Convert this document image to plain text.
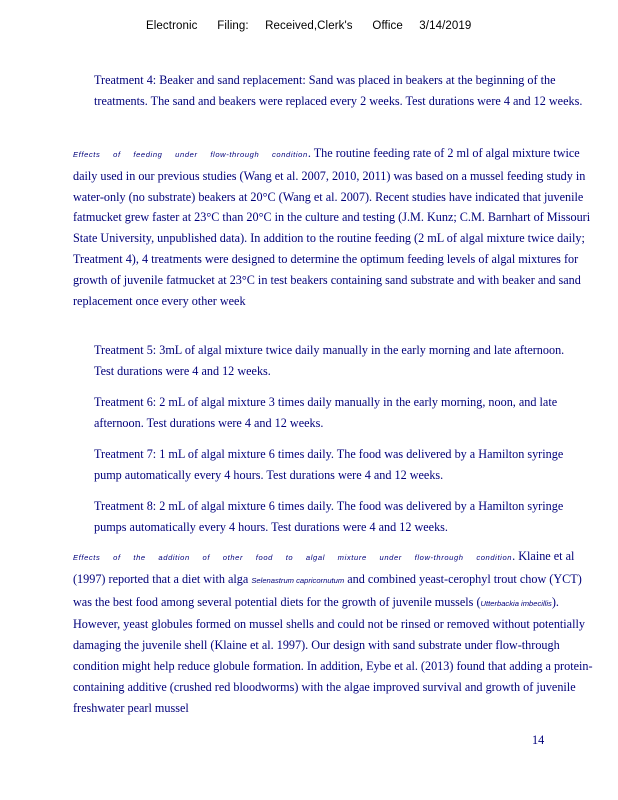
Electronic      Filing:     Received,Clerk's      Office     3/14/2019

Treatment 4: Beaker and sand replacement: Sand was placed in beakers at the beginning of the treatments. The sand and beakers were replaced every 2 weeks. Test durations were 4 and 12 weeks.

Effects of feeding under flow-through condition. The routine feeding rate of 2 ml of algal mixture twice daily used in our previous studies (Wang et al. 2007, 2010, 2011) was based on a mussel feeding study in water-only (no substrate) beakers at 20°C (Wang et al. 2007). Recent studies have indicated that juvenile fatmucket grew faster at 23°C than 20°C in the culture and testing (J.M. Kunz; C.M. Barnhart of Missouri State University, unpublished data). In addition to the routine feeding (2 mL of algal mixture twice daily; Treatment 4), 4 treatments were designed to determine the optimum feeding levels of algal mixtures for growth of juvenile fatmucket at 23°C in test beakers containing sand substrate and with beaker and sand replacement once every other week

Treatment 5: 3mL of algal mixture twice daily manually in the early morning and late afternoon. Test durations were 4 and 12 weeks.

Treatment 6: 2 mL of algal mixture 3 times daily manually in the early morning, noon, and late afternoon. Test durations were 4 and 12 weeks.

Treatment 7: 1 mL of algal mixture 6 times daily. The food was delivered by a Hamilton syringe pump automatically every 4 hours. Test durations were 4 and 12 weeks.

Treatment 8: 2 mL of algal mixture 6 times daily. The food was delivered by a Hamilton syringe pumps automatically every 4 hours. Test durations were 4 and 12 weeks.

Effects of the addition of other food to algal mixture under flow-through condition. Klaine et al (1997) reported that a diet with alga Selenastrum capricornutum and combined yeast-cerophyl trout chow (YCT) was the best food among several potential diets for the growth of juvenile mussels (Utterbackia imbecillis). However, yeast globules formed on mussel shells and could not be rinsed or removed without potentially damaging the juvenile shell (Klaine et al. 1997). Our design with sand substrate under flow-through condition might help reduce globule formation. In addition, Eybe et al. (2013) found that adding a protein-containing additive (crushed red bloodworms) with the algae improved survival and growth of juvenile freshwater pearl mussel

14
